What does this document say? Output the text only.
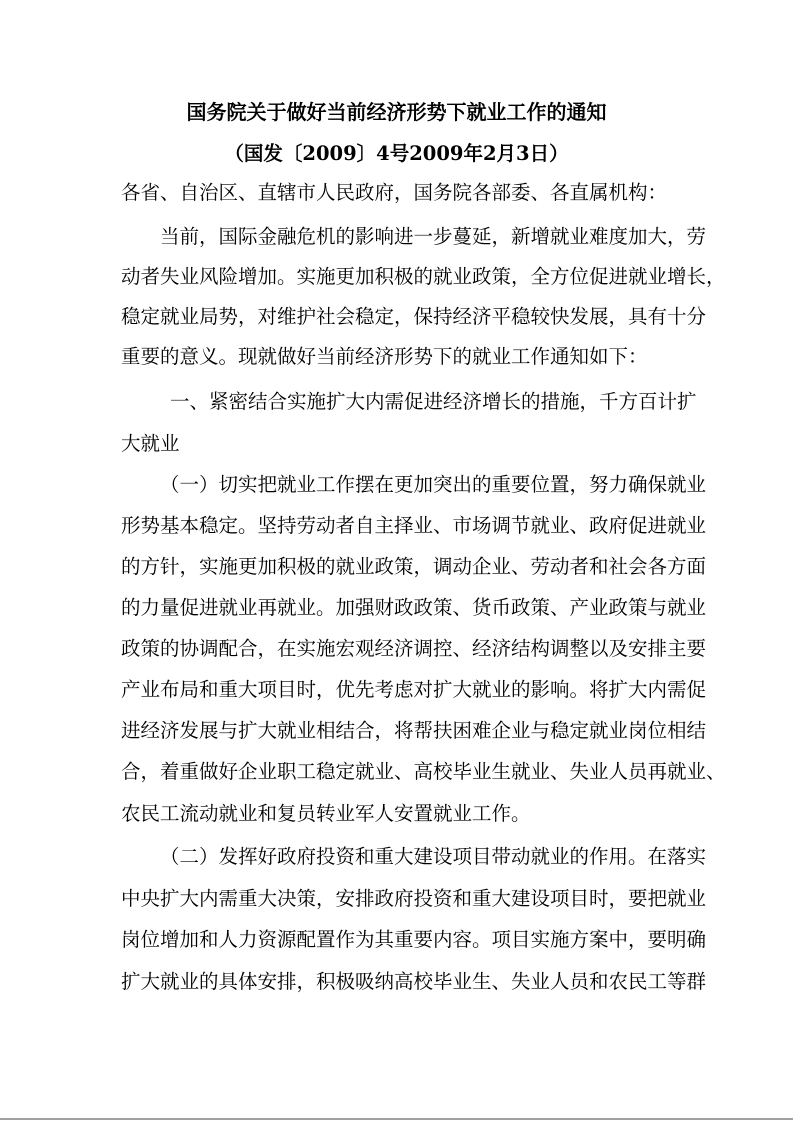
国务院关于做好当前经济形势下就业工作的通知
（国发〔2009〕4号2009年2月3日）
各省、自治区、直辖市人民政府，国务院各部委、各直属机构：
当前，国际金融危机的影响进一步蔓延，新增就业难度加大，劳
动者失业风险增加。实施更加积极的就业政策，全方位促进就业增长，
稳定就业局势，对维护社会稳定，保持经济平稳较快发展，具有十分
重要的意义。现就做好当前经济形势下的就业工作通知如下：
一、紧密结合实施扩大内需促进经济增长的措施，千方百计扩
大就业
（一）切实把就业工作摆在更加突出的重要位置，努力确保就业
形势基本稳定。坚持劳动者自主择业、市场调节就业、政府促进就业
的方针，实施更加积极的就业政策，调动企业、劳动者和社会各方面
的力量促进就业再就业。加强财政政策、货币政策、产业政策与就业
政策的协调配合，在实施宏观经济调控、经济结构调整以及安排主要
产业布局和重大项目时，优先考虑对扩大就业的影响。将扩大内需促
进经济发展与扩大就业相结合，将帮扶困难企业与稳定就业岗位相结
合，着重做好企业职工稳定就业、高校毕业生就业、失业人员再就业、
农民工流动就业和复员转业军人安置就业工作。
（二）发挥好政府投资和重大建设项目带动就业的作用。在落实
中央扩大内需重大决策，安排政府投资和重大建设项目时，要把就业
岗位增加和人力资源配置作为其重要内容。项目实施方案中，要明确
扩大就业的具体安排，积极吸纳高校毕业生、失业人员和农民工等群
